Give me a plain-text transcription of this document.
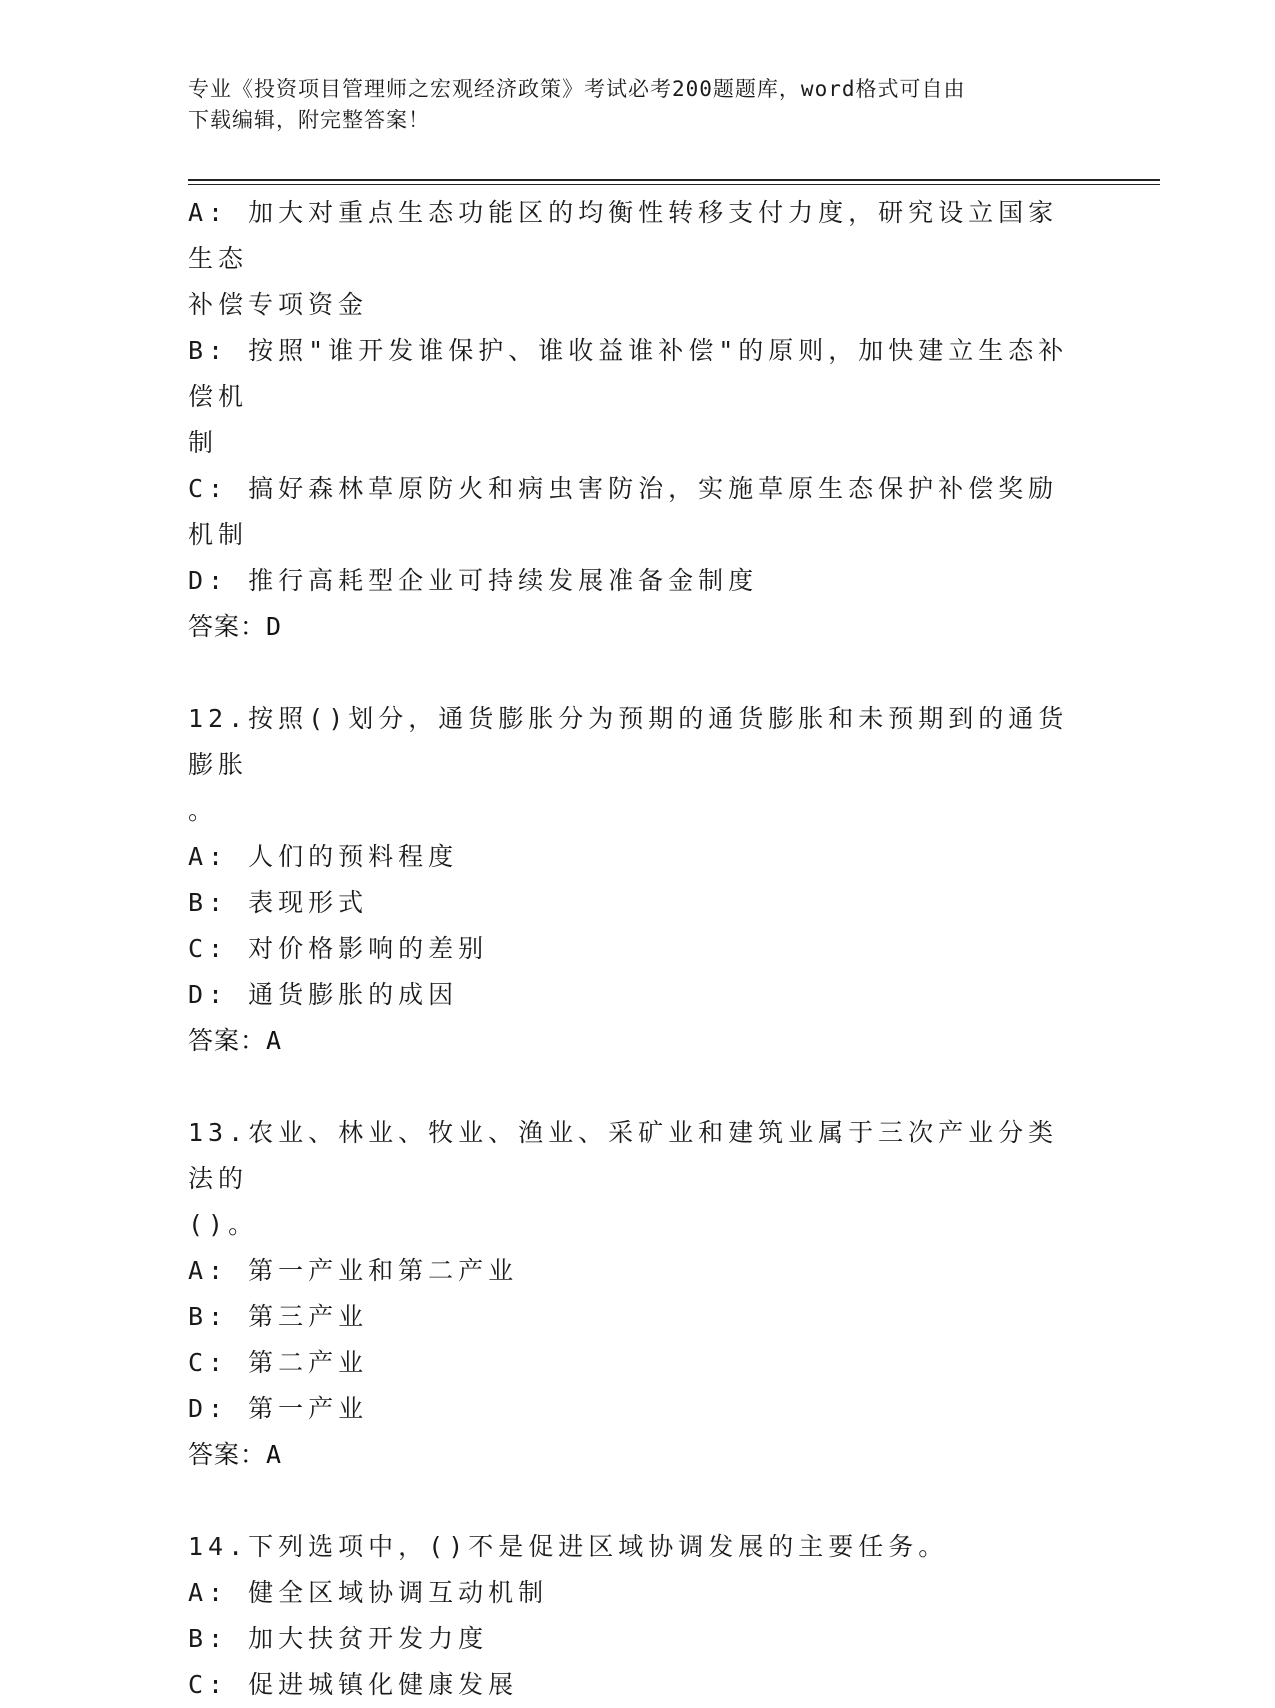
专业《投资项目管理师之宏观经济政策》考试必考200题题库，word格式可自由
下载编辑，附完整答案！
A: 加大对重点生态功能区的均衡性转移支付力度，研究设立国家生态
补偿专项资金
B: 按照"谁开发谁保护、谁收益谁补偿"的原则，加快建立生态补偿机
制
C: 搞好森林草原防火和病虫害防治，实施草原生态保护补偿奖励机制
D: 推行高耗型企业可持续发展准备金制度
答案：D
12.按照()划分，通货膨胀分为预期的通货膨胀和未预期到的通货膨胀
。
A: 人们的预料程度
B: 表现形式
C: 对价格影响的差别
D: 通货膨胀的成因
答案：A
13.农业、林业、牧业、渔业、采矿业和建筑业属于三次产业分类法的
()。
A: 第一产业和第二产业
B: 第三产业
C: 第二产业
D: 第一产业
答案：A
14.下列选项中，()不是促进区域协调发展的主要任务。
A: 健全区域协调互动机制
B: 加大扶贫开发力度
C: 促进城镇化健康发展
